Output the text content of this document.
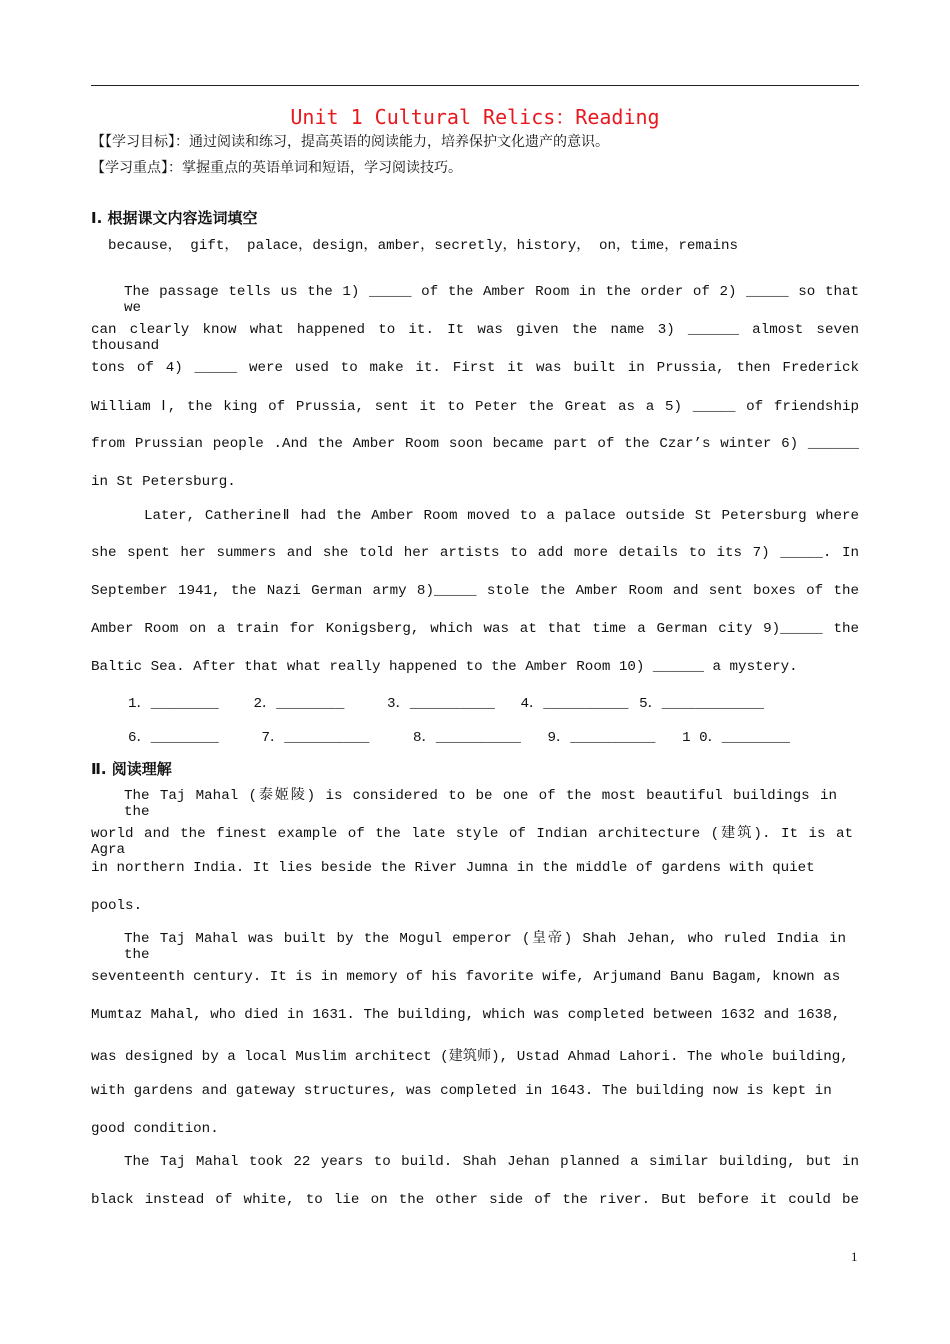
Unit 1 Cultural Relics：Reading
【【学习目标】：通过阅读和练习，提高英语的阅读能力，培养保护文化遗产的意识。
【学习重点】：掌握重点的英语单词和短语，学习阅读技巧。
Ⅰ. 根据课文内容选词填空
because， gift， palace，design，amber，secretly，history， on，time，remains
The passage tells us the 1) _____ of the Amber Room in the order of 2) _____ so that we
can clearly know what happened to it. It was given the name 3) ______ almost seven thousand
tons of 4) _____ were used to make it. First it was built in Prussia, then Frederick
William Ⅰ, the king of Prussia, sent it to Peter the Great as a 5) _____ of friendship
from Prussian people .And the Amber Room soon became part of the Czar’s winter 6) ______
in St Petersburg.
Later, CatherineⅡ had the Amber Room moved to a palace outside St Petersburg where
she spent her summers and she told her artists to add more details to its 7) _____. In
September 1941, the Nazi German army 8)_____ stole the Amber Room and sent boxes of the
Amber Room on a train for Konigsberg, which was at that time a German city 9)_____ the
Baltic Sea. After that what really happened to the Amber Room 10) ______ a mystery.
1．________ 2．________	3．__________ 4．__________ 5．____________
6．________	7．__________	8．__________ 9．__________ 1 0．________
Ⅱ. 阅读理解
The Taj Mahal (泰姬陵) is considered to be one of the most beautiful buildings in the
world and the finest example of the late style of Indian architecture (建筑). It is at Agra
in northern India. It lies beside the River Jumna in the middle of gardens with quiet
pools.
The Taj Mahal was built by the Mogul emperor (皇帝) Shah Jehan, who ruled India in the
seventeenth century. It is in memory of his favorite wife, Arjumand Banu Bagam, known as
Mumtaz Mahal, who died in 1631. The building, which was completed between 1632 and 1638,
was designed by a local Muslim architect (建筑师), Ustad Ahmad Lahori. The whole building,
with gardens and gateway structures, was completed in 1643. The building now is kept in
good condition.
The Taj Mahal took 22 years to build. Shah Jehan planned a similar building, but in
black instead of white, to lie on the other side of the river. But before it could be
1
